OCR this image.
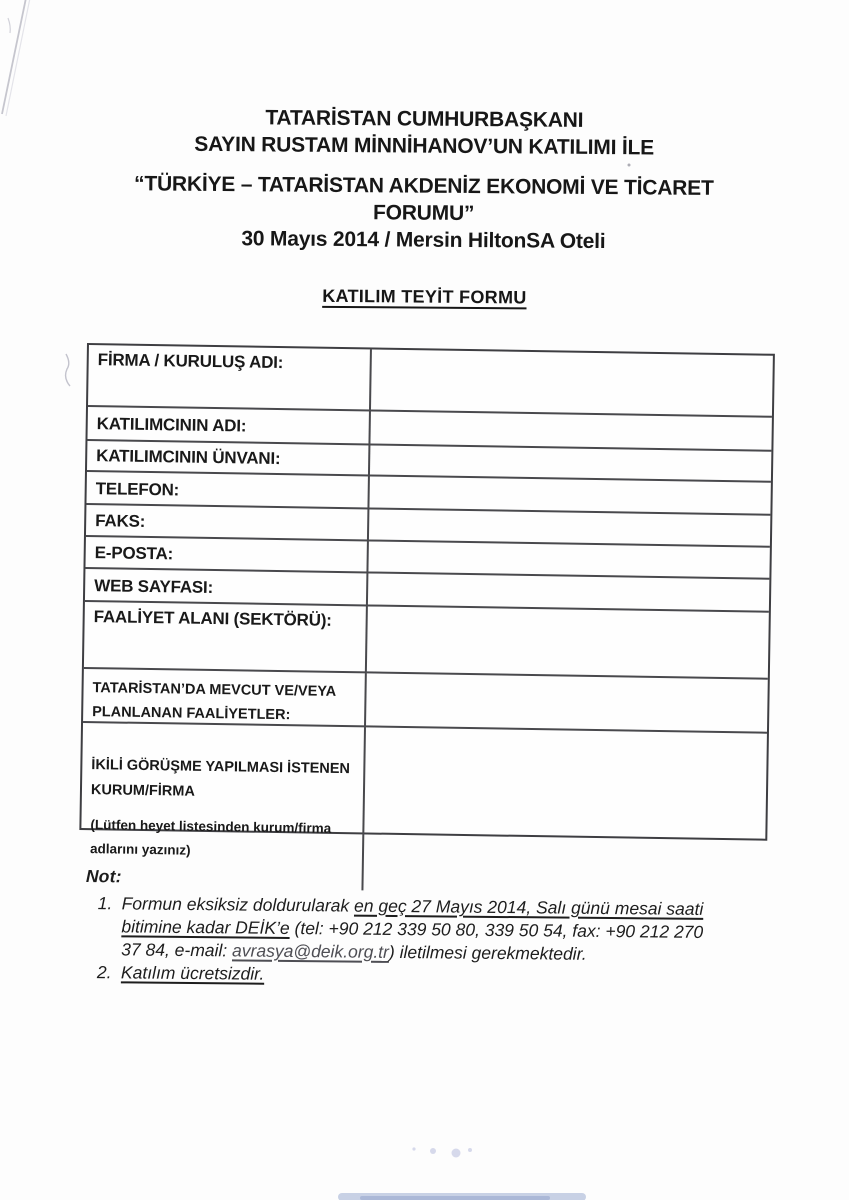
TATARİSTAN CUMHURBAŞKANI
SAYIN RUSTAM MİNNİHANOV’UN KATILIMI İLE
“TÜRKİYE – TATARİSTAN AKDENİZ EKONOMİ VE TİCARET
FORUMU”
30 Mayıs 2014 / Mersin HiltonSA Oteli
KATILIM TEYİT FORMU
FİRMA / KURULUŞ ADI:
KATILIMCININ ADI:
KATILIMCININ ÜNVANI:
TELEFON:
FAKS:
E-POSTA:
WEB SAYFASI:
FAALİYET ALANI (SEKTÖRÜ):
TATARİSTAN’DA MEVCUT VE/VEYA
PLANLANAN FAALİYETLER:

İKİLİ GÖRÜŞME YAPILMASI İSTENEN
KURUM/FİRMA

(Lütfen heyet listesinden kurum/firma
adlarını yazınız)

Not:
1. Formun eksiksiz doldurularak en geç 27 Mayıs 2014, Salı günü mesai saati
bitimine kadar DEİK’e (tel: +90 212 339 50 80, 339 50 54, fax: +90 212 270
37 84, e-mail: avrasya@deik.org.tr) iletilmesi gerekmektedir.
2. Katılım ücretsizdir.
